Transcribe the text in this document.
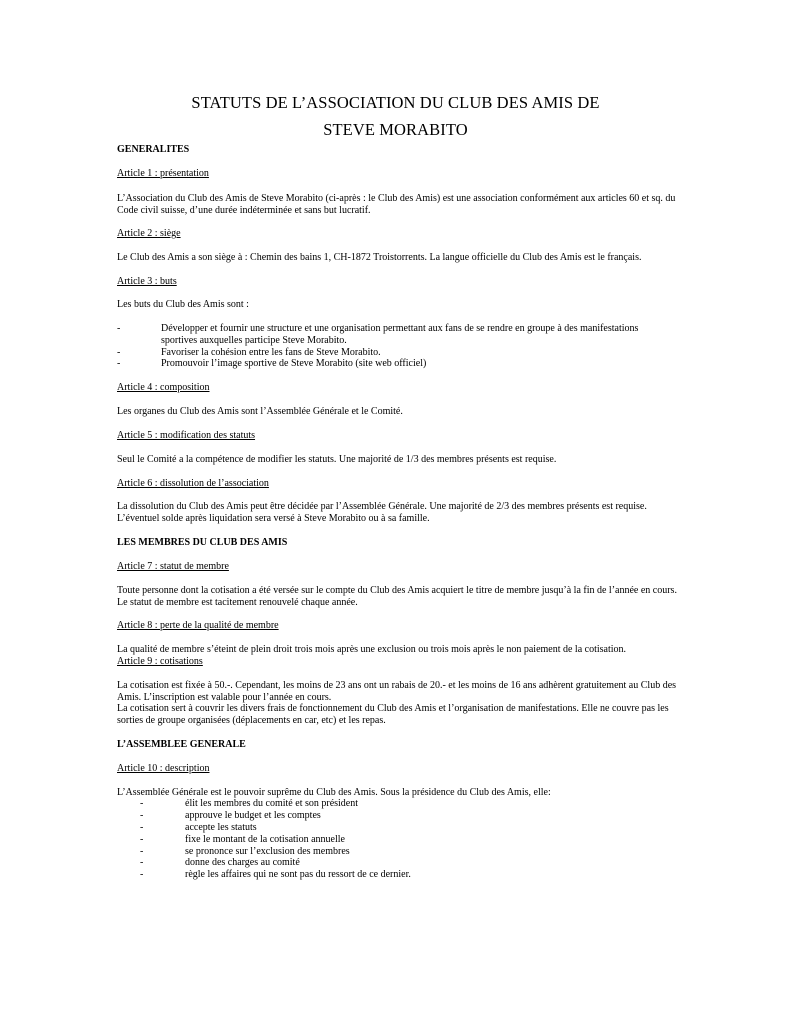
STATUTS DE L’ASSOCIATION DU CLUB DES AMIS DE
STEVE MORABITO
GENERALITES
Article 1 : présentation
L’Association du Club des Amis de Steve Morabito (ci-après : le Club des Amis) est une association conformément aux articles 60 et sq. du Code civil suisse, d’une durée indéterminée et sans but lucratif.
Article 2 : siège
Le Club des Amis a son siège à : Chemin des bains 1, CH-1872 Troistorrents. La langue officielle du Club des Amis est le français.
Article 3 : buts
Les buts du Club des Amis sont :
-	Développer et fournir une structure et une organisation permettant aux fans de se rendre en groupe à des manifestations sportives auxquelles participe Steve Morabito.
-	Favoriser la cohésion entre les fans de Steve Morabito.
-	Promouvoir l’image sportive de Steve Morabito (site web officiel)
Article 4 : composition
Les organes du Club des Amis sont l’Assemblée Générale et le Comité.
Article 5 : modification des statuts
Seul le Comité a la compétence de modifier les statuts. Une majorité de 1/3 des membres présents est requise.
Article 6 : dissolution de l’association
La dissolution du Club des Amis peut être décidée par l’Assemblée Générale. Une majorité de 2/3 des membres présents est requise. L’éventuel solde après liquidation sera versé à Steve Morabito ou à sa famille.
LES MEMBRES DU CLUB DES AMIS
Article 7 : statut de membre
Toute personne dont la cotisation a été versée sur le compte du Club des Amis acquiert le titre de membre jusqu’à la fin de l’année en cours. Le statut de membre est tacitement renouvelé chaque année.
Article 8 : perte de la qualité de membre
La qualité de membre s’éteint de plein droit trois mois après une exclusion ou trois mois après le non paiement de la cotisation.
Article 9 : cotisations
La cotisation est fixée à 50.-. Cependant, les moins de 23 ans ont un rabais de 20.- et les moins de 16 ans adhèrent gratuitement au Club des Amis. L’inscription est valable pour l’année en cours.
La cotisation sert à couvrir les divers frais de fonctionnement du Club des Amis et l’organisation de manifestations. Elle ne couvre pas les sorties de groupe organisées (déplacements en car, etc) et les repas.
L’ASSEMBLEE GENERALE
Article 10 : description
L’Assemblée Générale est le pouvoir suprême du Club des Amis. Sous la présidence du Club des Amis, elle:
-	élit les membres du comité et son président
-	approuve le budget et les comptes
-	accepte les statuts
-	fixe le montant de la cotisation annuelle
-	se prononce sur l’exclusion des membres
-	donne des charges au comité
-	règle les affaires qui ne sont pas du ressort de ce dernier.
